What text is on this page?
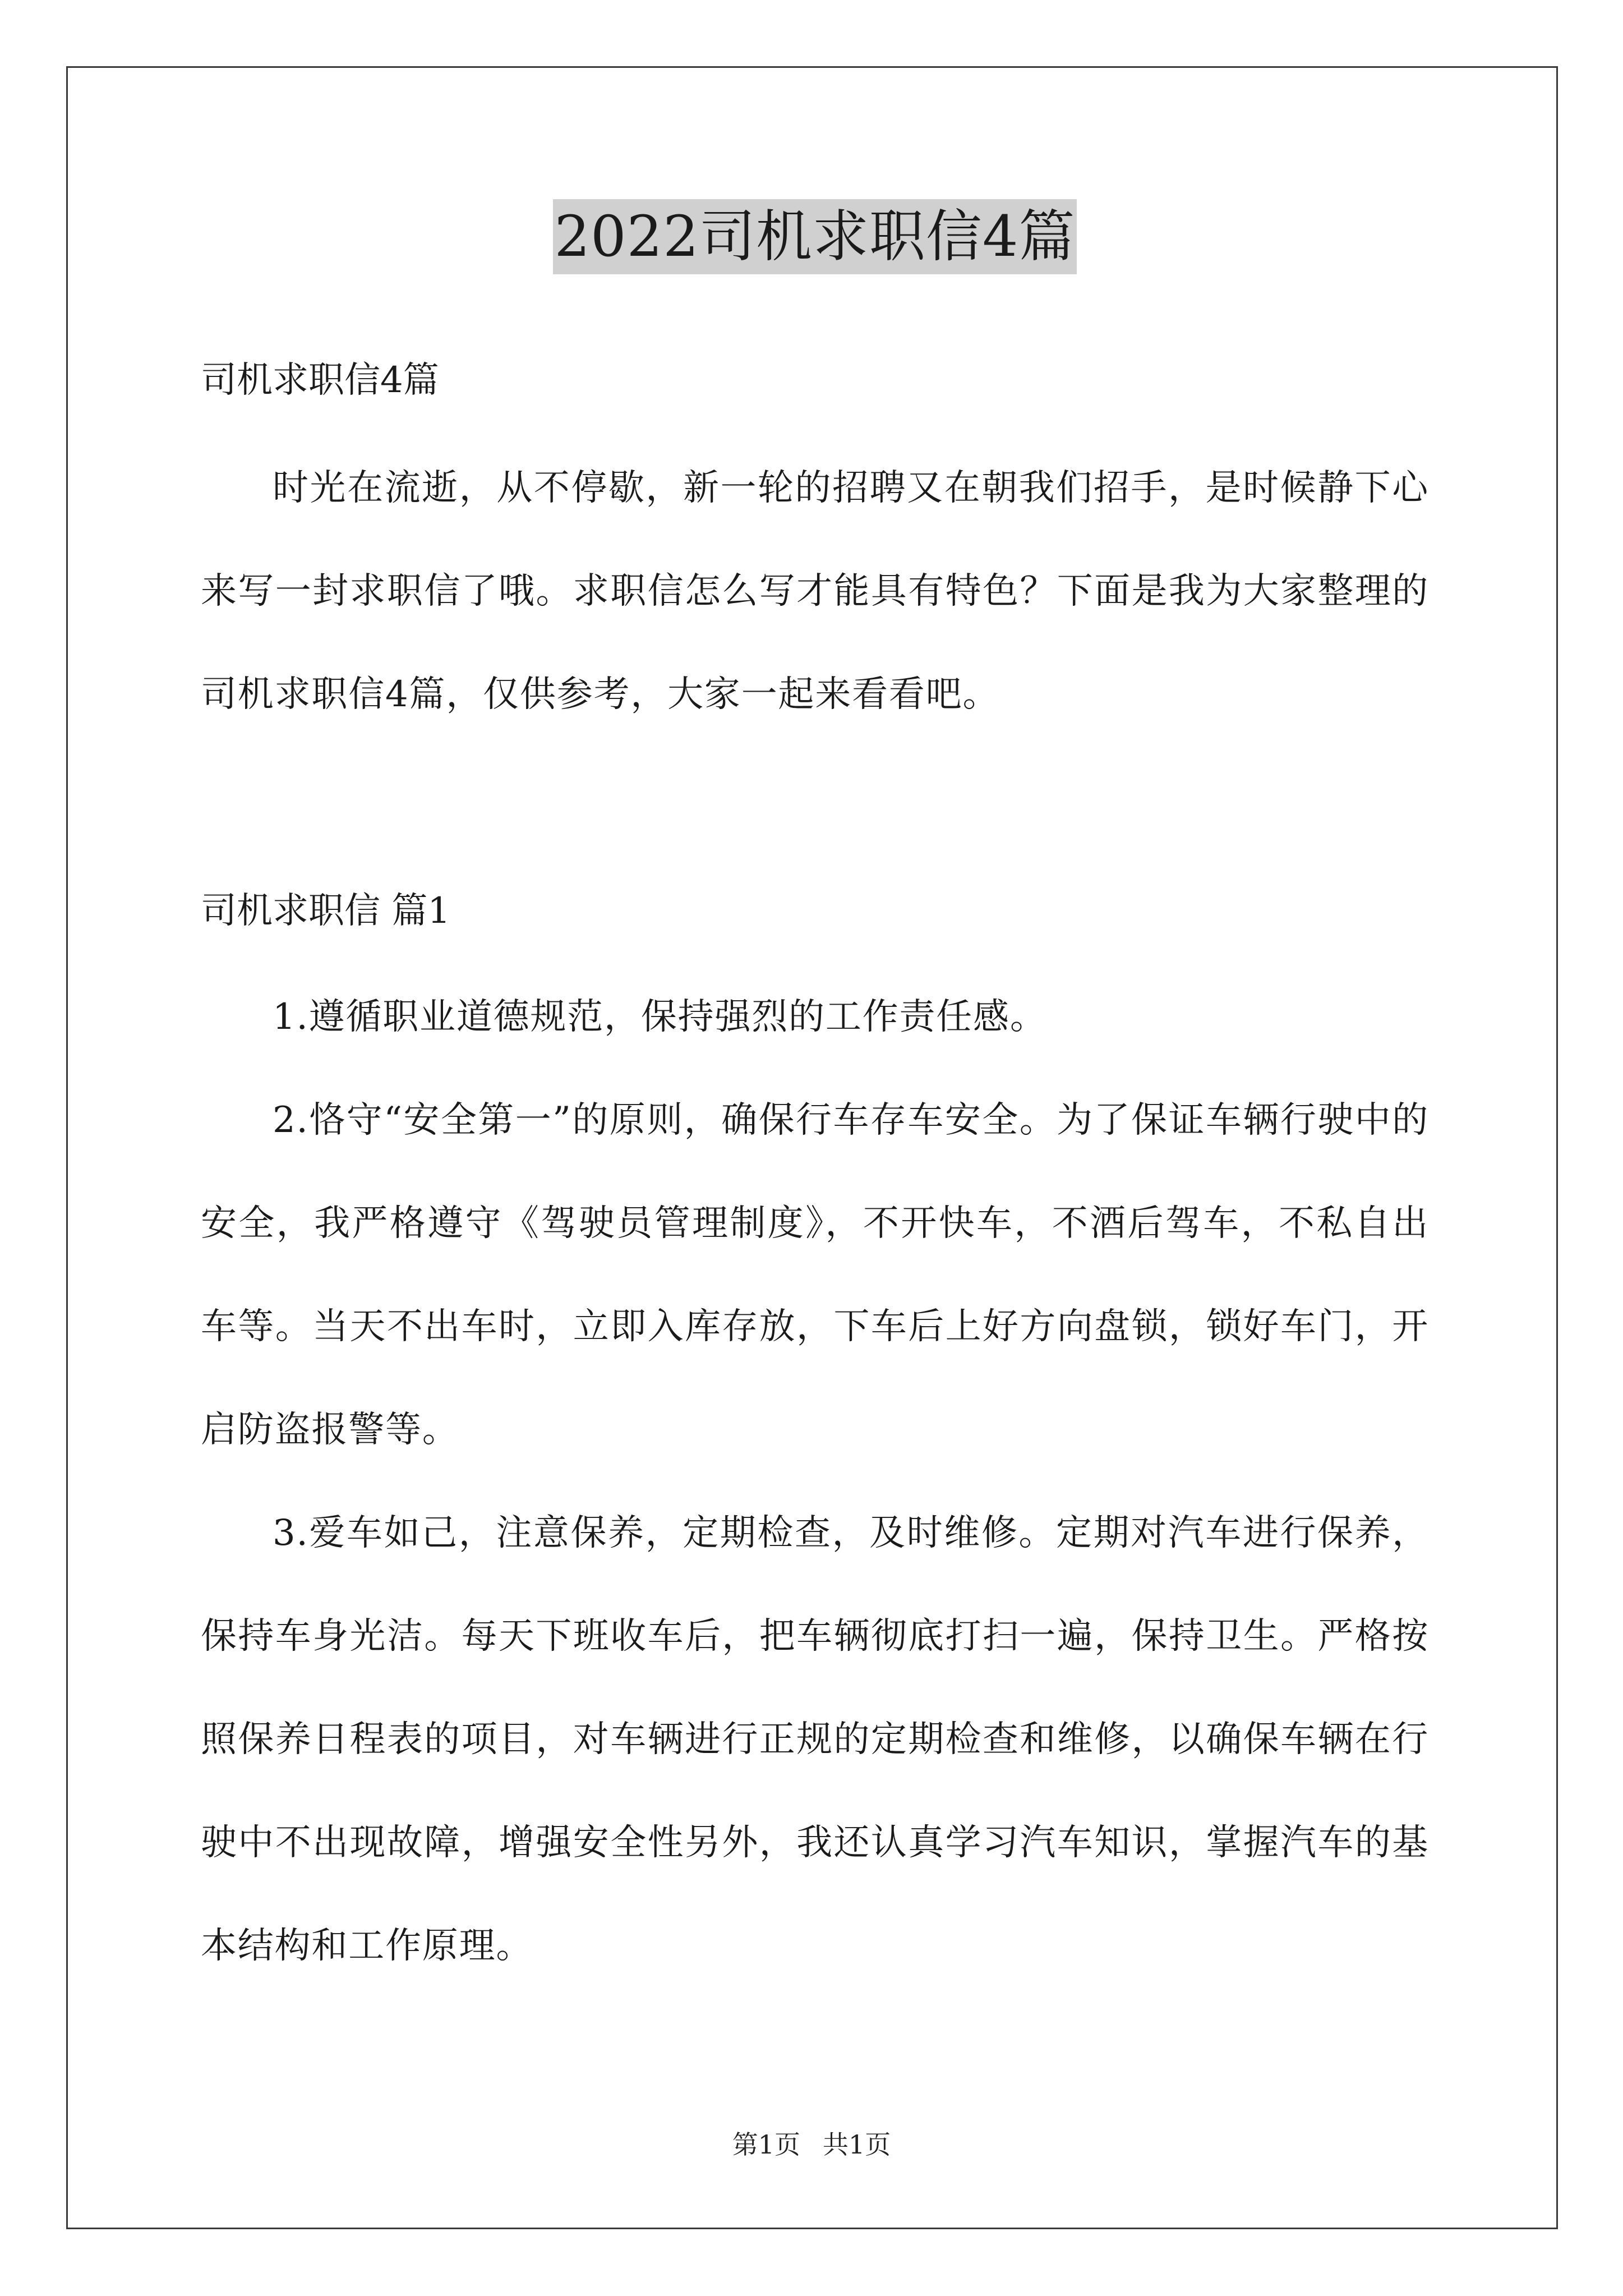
2022司机求职信4篇
司机求职信4篇

时光在流逝，从不停歇，新一轮的招聘又在朝我们招手，是时候静下心来写一封求职信了哦。求职信怎么写才能具有特色？下面是我为大家整理的司机求职信4篇，仅供参考，大家一起来看看吧。

司机求职信 篇1

1.遵循职业道德规范，保持强烈的工作责任感。

2.恪守“安全第一”的原则，确保行车存车安全。为了保证车辆行驶中的安全，我严格遵守《驾驶员管理制度》，不开快车，不酒后驾车，不私自出车等。当天不出车时，立即入库存放，下车后上好方向盘锁，锁好车门，开启防盗报警等。

3.爱车如己，注意保养，定期检查，及时维修。定期对汽车进行保养，保持车身光洁。每天下班收车后，把车辆彻底打扫一遍，保持卫生。严格按照保养日程表的项目，对车辆进行正规的定期检查和维修，以确保车辆在行驶中不出现故障，增强安全性另外，我还认真学习汽车知识，掌握汽车的基本结构和工作原理。

第1页 共1页
